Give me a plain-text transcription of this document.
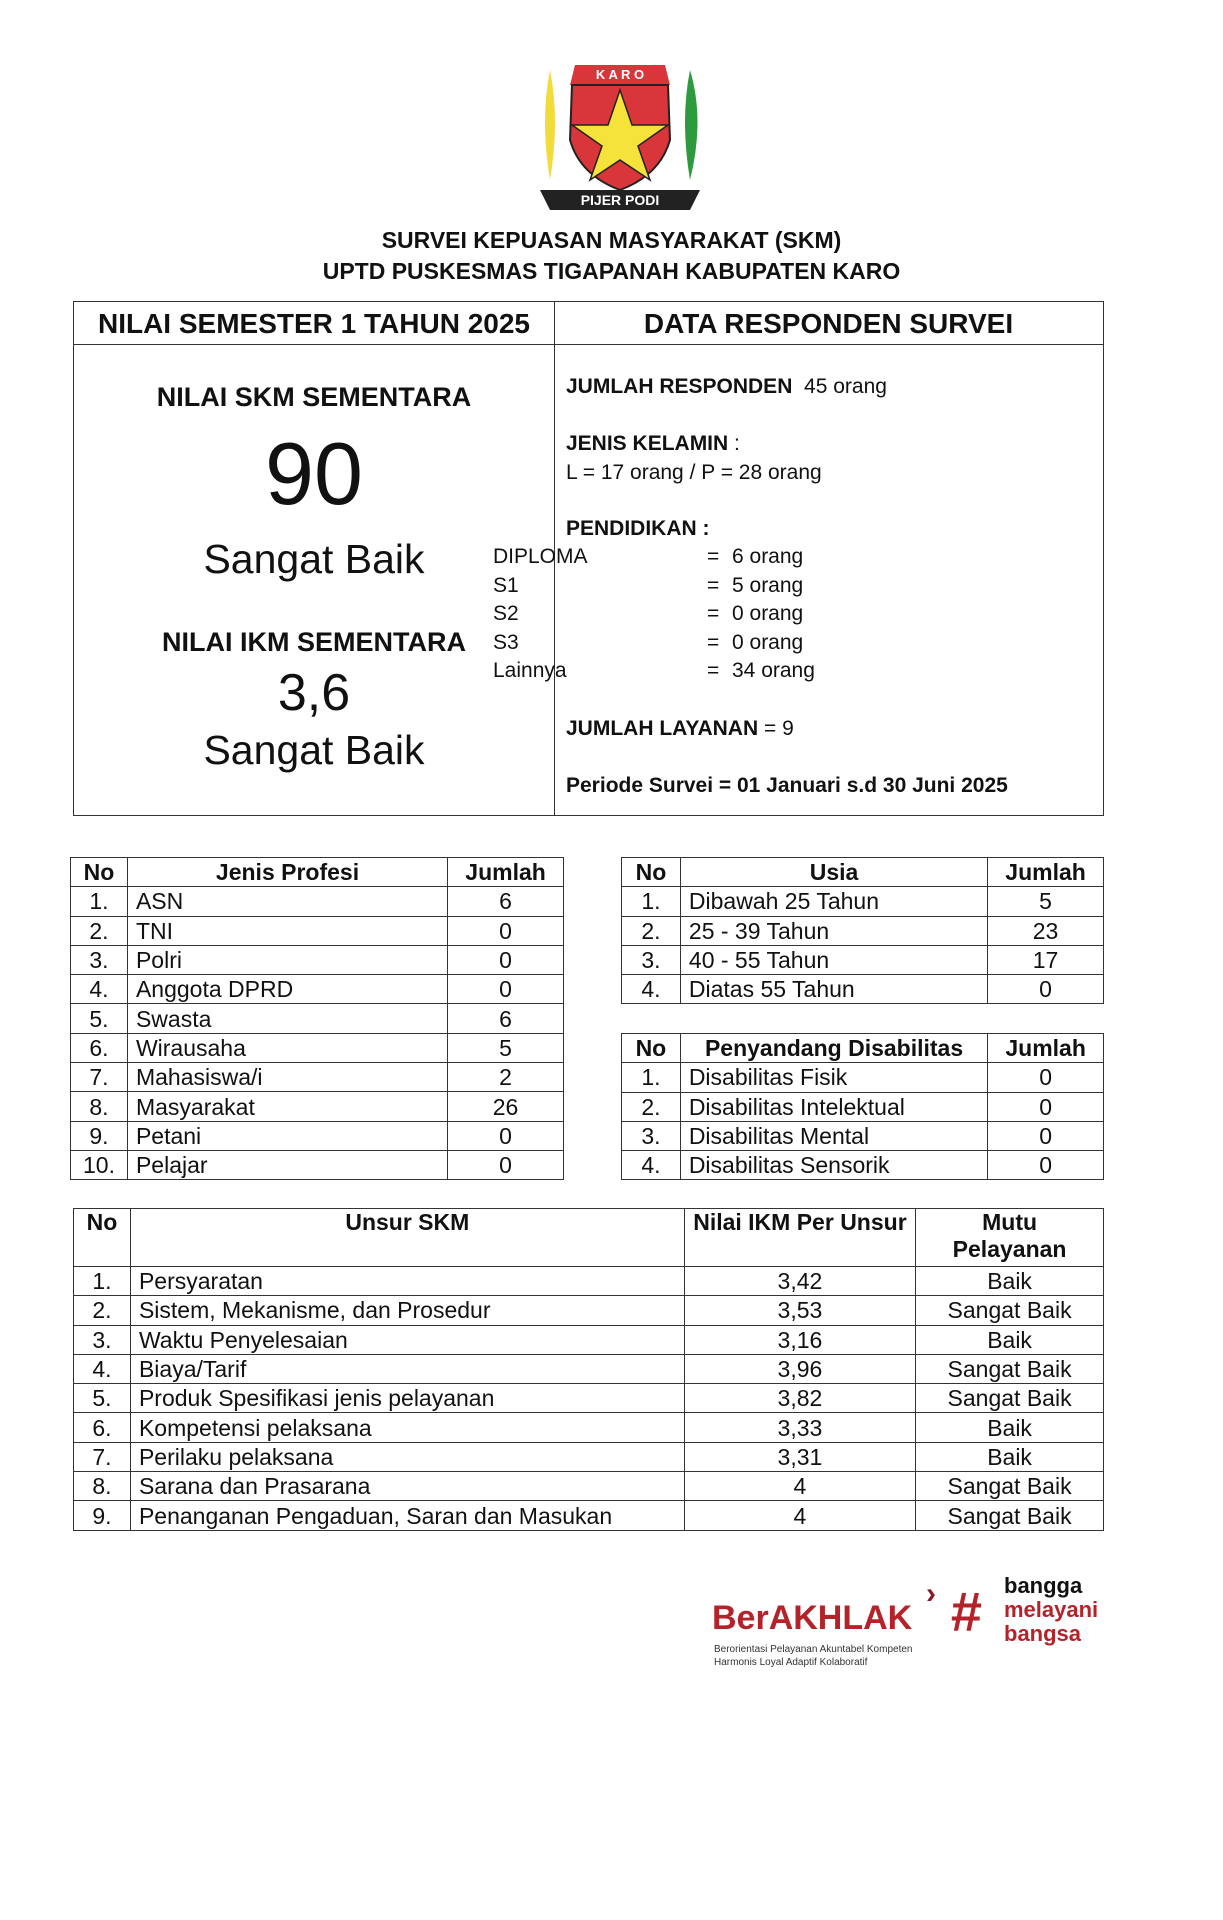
K A R O
PIJER PODI
SURVEI KEPUASAN MASYARAKAT (SKM)
UPTD PUSKESMAS TIGAPANAH KABUPATEN KARO
NILAI SEMESTER 1 TAHUN 2025	DATA RESPONDEN SURVEI
NILAI SKM SEMENTARA
90
Sangat Baik
NILAI IKM SEMENTARA
3,6
Sangat Baik
JUMLAH RESPONDEN 45 orang
JENIS KELAMIN :
L = 17 orang / P = 28 orang
PENDIDIKAN :
DIPLOMA	= 6 orang
S1	= 5 orang
S2	= 0 orang
S3	= 0 orang
Lainnya	= 34 orang
JUMLAH LAYANAN = 9
Periode Survei = 01 Januari s.d 30 Juni 2025
No	Jenis Profesi	Jumlah
1.	ASN	6
2.	TNI	0
3.	Polri	0
4.	Anggota DPRD	0
5.	Swasta	6
6.	Wirausaha	5
7.	Mahasiswa/i	2
8.	Masyarakat	26
9.	Petani	0
10.	Pelajar	0
No	Usia	Jumlah
1.	Dibawah 25 Tahun	5
2.	25 - 39 Tahun	23
3.	40 - 55 Tahun	17
4.	Diatas 55 Tahun	0
No	Penyandang Disabilitas	Jumlah
1.	Disabilitas Fisik	0
2.	Disabilitas Intelektual	0
3.	Disabilitas Mental	0
4.	Disabilitas Sensorik	0
No	Unsur SKM	Nilai IKM Per Unsur	Mutu Pelayanan
1.	Persyaratan	3,42	Baik
2.	Sistem, Mekanisme, dan Prosedur	3,53	Sangat Baik
3.	Waktu Penyelesaian	3,16	Baik
4.	Biaya/Tarif	3,96	Sangat Baik
5.	Produk Spesifikasi jenis pelayanan	3,82	Sangat Baik
6.	Kompetensi pelaksana	3,33	Baik
7.	Perilaku pelaksana	3,31	Baik
8.	Sarana dan Prasarana	4	Sangat Baik
9.	Penanganan Pengaduan, Saran dan Masukan	4	Sangat Baik
BerAKHLAK
›
Berorientasi Pelayanan Akuntabel Kompeten
Harmonis Loyal Adaptif Kolaboratif
# bangga
melayani
bangsa
